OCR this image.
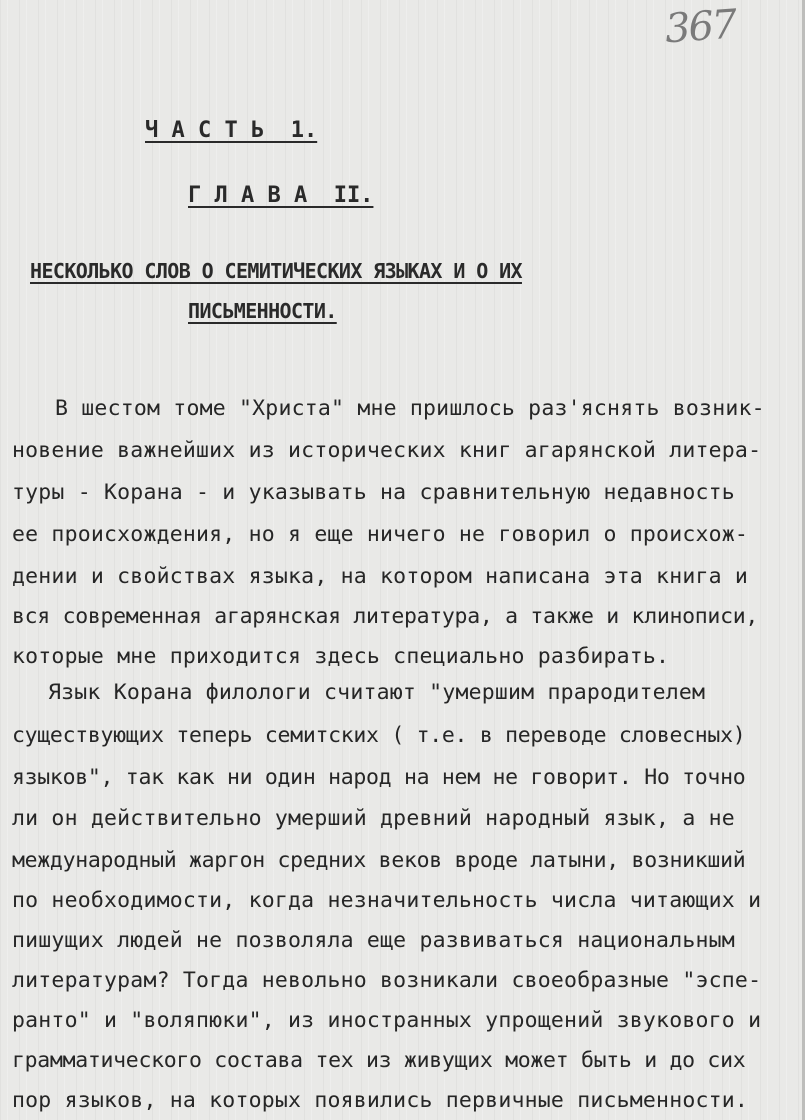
367
Ч А С Т Ь  1.
Г Л А В А  II.
НЕСКОЛЬКО СЛОВ О СЕМИТИЧЕСКИХ ЯЗЫКАХ И О ИХ
ПИСЬМЕННОСТИ.
В шестом томе "Христа" мне пришлось раз'яснять возник-
новение важнейших из исторических книг агарянской литера-
туры - Корана - и указывать на сравнительную недавность
ее происхождения, но я еще ничего не говорил о происхож-
дении и свойствах языка, на котором написана эта книга и
вся современная агарянская литература, а также и клинописи,
которые мне приходится здесь специально разбирать.
Язык Корана филологи считают "умершим прародителем
существующих теперь семитских ( т.е. в переводе словесных)
языков", так как ни один народ на нем не говорит. Но точно
ли он действительно умерший древний народный язык, а не
международный жаргон средних веков вроде латыни, возникший
по необходимости, когда незначительность числа читающих и
пишущих людей не позволяла еще развиваться национальным
литературам? Тогда невольно возникали своеобразные "эспе-
ранто" и "воляпюки", из иностранных упрощений звукового и
грамматического состава тех из живущих может быть и до сих
пор языков, на которых появились первичные письменности.
